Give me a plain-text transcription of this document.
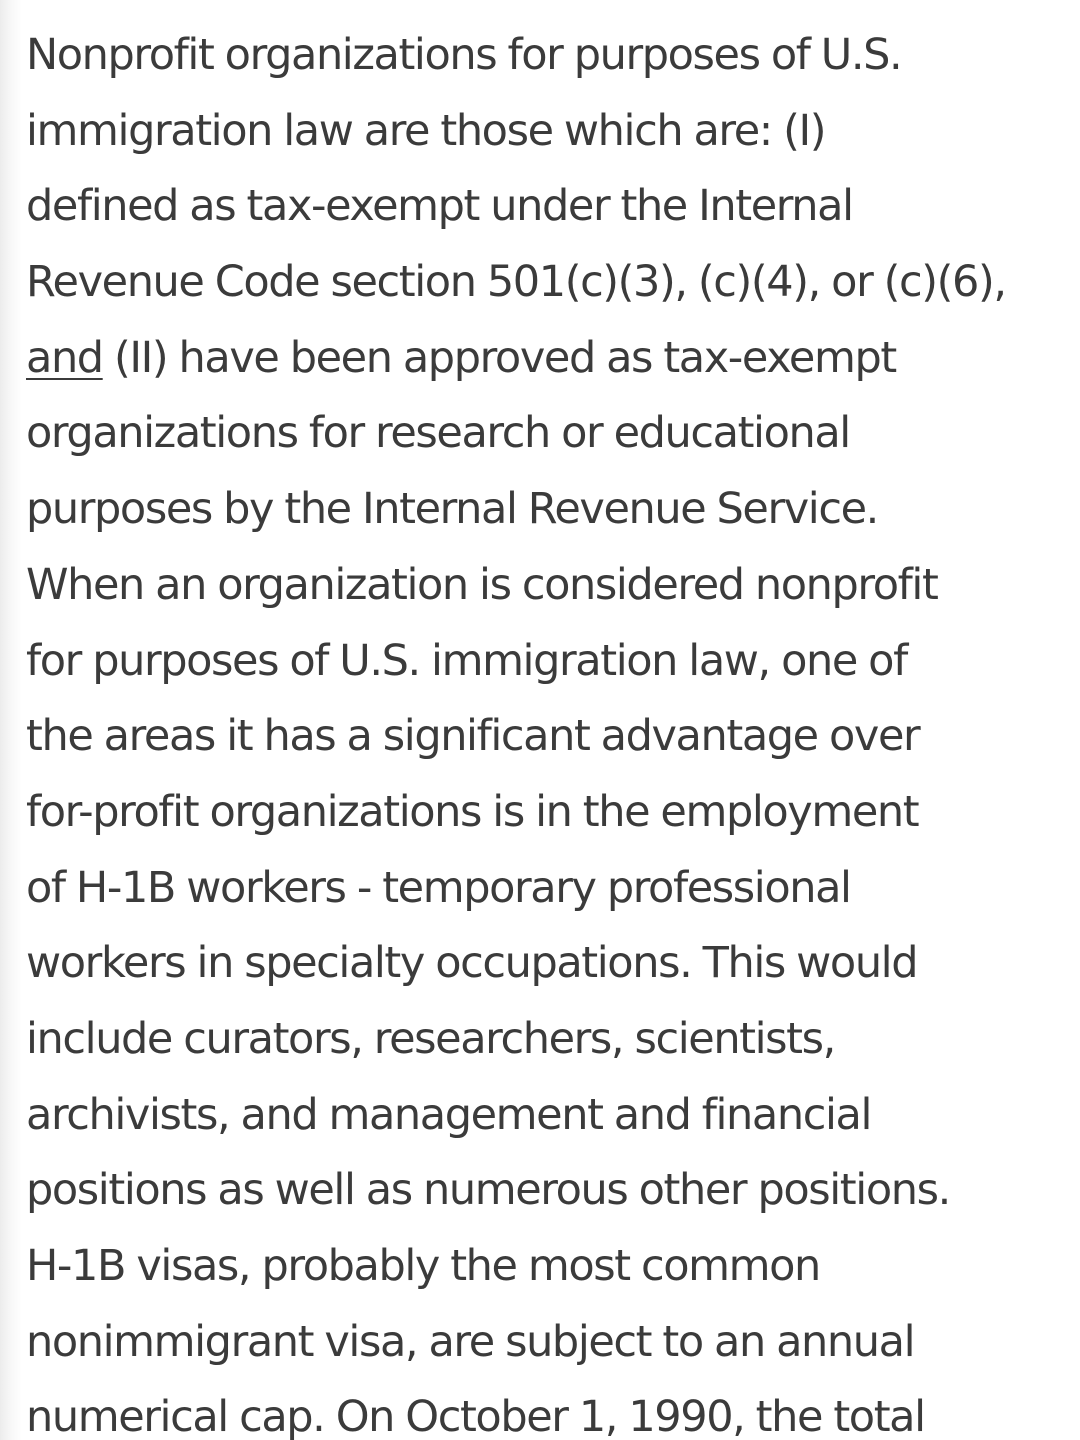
Nonprofit organizations for purposes of U.S.
immigration law are those which are: (I)
defined as tax-exempt under the Internal
Revenue Code section 501(c)(3), (c)(4), or (c)(6),
and (II) have been approved as tax-exempt
organizations for research or educational
purposes by the Internal Revenue Service.
When an organization is considered nonprofit
for purposes of U.S. immigration law, one of
the areas it has a significant advantage over
for-profit organizations is in the employment
of H-1B workers - temporary professional
workers in specialty occupations. This would
include curators, researchers, scientists,
archivists, and management and financial
positions as well as numerous other positions.
H-1B visas, probably the most common
nonimmigrant visa, are subject to an annual
numerical cap. On October 1, 1990, the total
